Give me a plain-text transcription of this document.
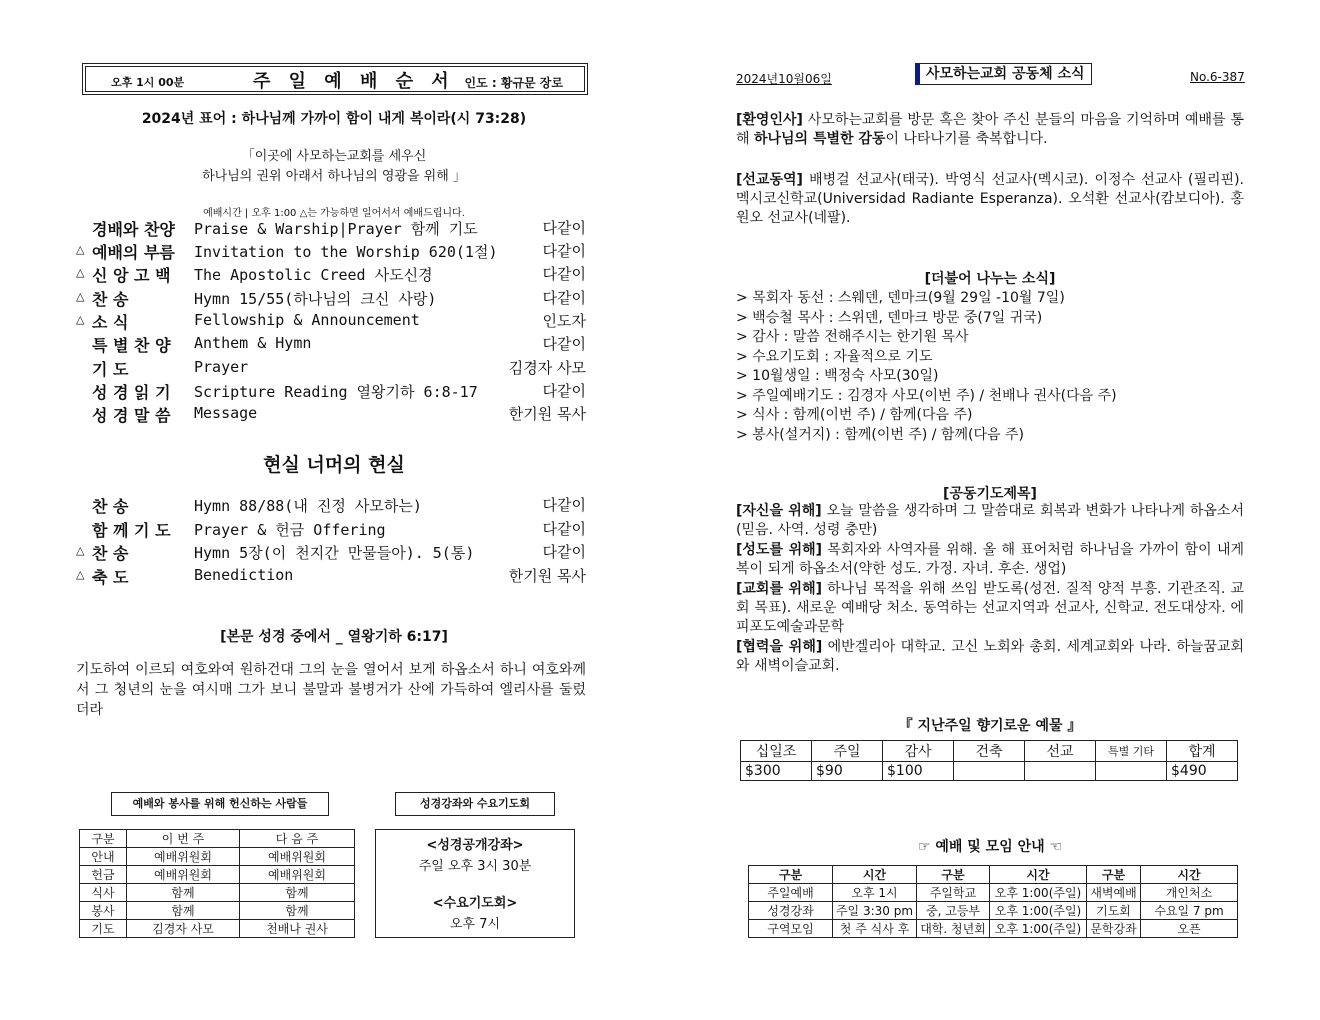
오후 1시 00분	주 일 예 배 순 서 인도 : 황규문 장로
2024년 표어 : 하나님께 가까이 함이 내게 복이라(시 73:28)
「이곳에 사모하는교회를 세우신
하나님의 권위 아래서 하나님의 영광을 위해 」
예배시간 | 오후 1:00 △는 가능하면 일어서서 예배드립니다.
경배와 찬양	Praise & Warship|Prayer 함께 기도	다같이
△ 예배의 부름	Invitation to the Worship 620(1절)	다같이
△ 신 앙 고 백	The Apostolic Creed 사도신경	다같이
△ 찬 송	Hymn 15/55(하나님의 크신 사랑)	다같이
△ 소 식	Fellowship & Announcement	인도자
특 별 찬 양	Anthem & Hymn	다같이
기 도	Prayer	김경자 사모
성 경 읽 기	Scripture Reading 열왕기하 6:8-17	다같이
성 경 말 씀	Message	한기원 목사
현실 너머의 현실
찬 송	Hymn 88/88(내 진정 사모하는)	다같이
함 께 기 도	Prayer & 헌금 Offering	다같이
△ 찬 송	Hymn 5장(이 천지간 만물들아). 5(통)	다같이
△ 축 도	Benediction	한기원 목사
[본문 성경 중에서 _ 열왕기하 6:17]
기도하여 이르되 여호와여 원하건대 그의 눈을 열어서 보게 하옵소서 하니 여호와께서 그 청년의 눈을 여시매 그가 보니 불말과 불병거가 산에 가득하여 엘리사를 둘렀더라
예배와 봉사를 위해 헌신하는 사람들	성경강좌와 수요기도회
구분	이 번 주	다 음 주
안내	예배위원회	예배위원회
헌금	예배위원회	예배위원회
식사	함께	함께
봉사	함께	함께
기도	김경자 사모	천배나 권사
<성경공개강좌>
주일 오후 3시 30분
<수요기도회>
오후 7시
2024년10월06일	사모하는교회 공동체 소식	No.6-387
[환영인사] 사모하는교회를 방문 혹은 찾아 주신 분들의 마음을 기억하며 예배를 통해 하나님의 특별한 감동이 나타나기를 축복합니다.
[선교동역] 배병걸 선교사(태국). 박영식 선교사(멕시코). 이정수 선교사 (필리핀). 멕시코신학교(Universidad Radiante Esperanza). 오석환 선교사(캄보디아). 홍원오 선교사(네팔).
[더불어 나누는 소식]
> 목회자 동선 : 스웨덴, 덴마크(9월 29일 -10월 7일)
> 백승철 목사 : 스위덴, 덴마크 방문 중(7일 귀국)
> 감사 : 말씀 전해주시는 한기원 목사
> 수요기도회 : 자율적으로 기도
> 10월생일 : 백정숙 사모(30일)
> 주일예배기도 : 김경자 사모(이번 주) / 천배나 권사(다음 주)
> 식사 : 함께(이번 주) / 함께(다음 주)
> 봉사(설거지) : 함께(이번 주) / 함께(다음 주)
[공동기도제목]
[자신을 위해] 오늘 말씀을 생각하며 그 말씀대로 회복과 변화가 나타나게 하옵소서(믿음. 사역. 성령 충만)
[성도를 위해] 목회자와 사역자를 위해. 올 해 표어처럼 하나님을 가까이 함이 내게 복이 되게 하옵소서(약한 성도. 가정. 자녀. 후손. 생업)
[교회를 위해] 하나님 목적을 위해 쓰임 받도록(성전. 질적 양적 부흥. 기관조직. 교회 목표). 새로운 예배당 처소. 동역하는 선교지역과 선교사, 신학교. 전도대상자. 에피포도예술과문학
[협력을 위해] 에반겔리아 대학교. 고신 노회와 총회. 세계교회와 나라. 하늘꿈교회와 새벽이슬교회.
『 지난주일 향기로운 예물 』
십일조	주일	감사	건축	선교	특별 기타	합계
$300	$90	$100				$490
☞ 예배 및 모임 안내 ☜
구분	시간	구분	시간	구분	시간
주일예배	오후 1시	주일학교	오후 1:00(주일)	새벽예배	개인처소
성경강좌	주일 3:30 pm	중, 고등부	오후 1:00(주일)	기도회	수요일 7 pm
구역모임	첫 주 식사 후	대학. 청년회	오후 1:00(주일)	문학강좌	오픈
